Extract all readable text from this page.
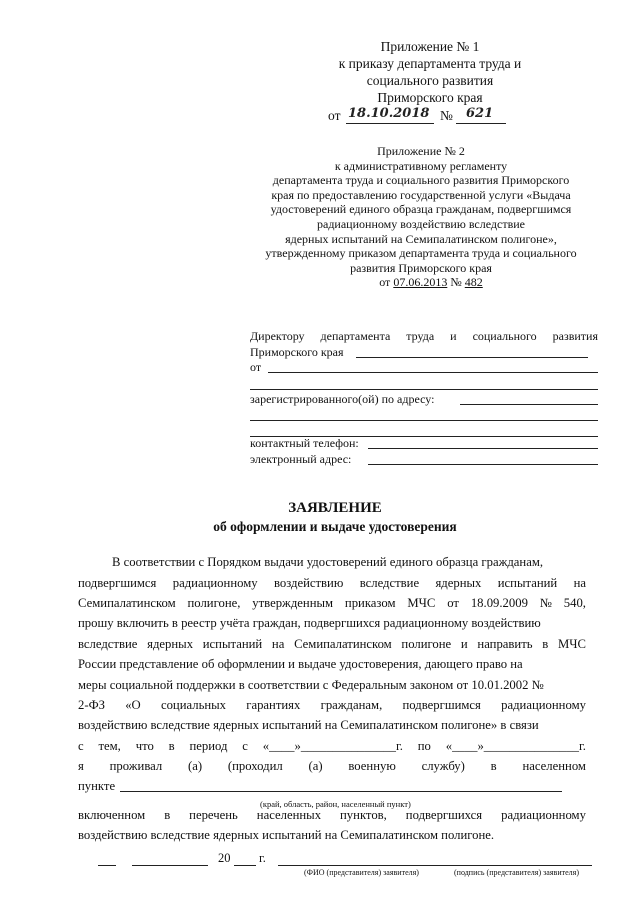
Приложение № 1
к приказу департамента труда и
социального развития
Приморского края
от 18.10.2018 № 621
Приложение № 2
к административному регламенту
департамента труда и социального развития Приморского
края по предоставлению государственной услуги «Выдача
удостоверений единого образца гражданам, подвергшимся
радиационному воздействию вследствие
ядерных испытаний на Семипалатинском полигоне»,
утвержденному приказом департамента труда и социального
развития Приморского края
от 07.06.2013 № 482
Директору департамента труда и социального развития
Приморского края
от
зарегистрированного(ой) по адресу:
контактный телефон:
электронный адрес:
ЗАЯВЛЕНИЕ
об оформлении и выдаче удостоверения
В соответствии с Порядком выдачи удостоверений единого образца гражданам,
подвергшимся радиационному воздействию вследствие ядерных испытаний на
Семипалатинском полигоне, утвержденным приказом МЧС от 18.09.2009 № 540,
прошу включить в реестр учёта граждан, подвергшихся радиационному воздействию
вследствие ядерных испытаний на Семипалатинском полигоне и направить в МЧС
России представление об оформлении и выдаче удостоверения, дающего право на
меры социальной поддержки в соответствии с Федеральным законом от 10.01.2002 №
2-ФЗ «О социальных гарантиях гражданам, подвергшимся радиационному
воздействию вследствие ядерных испытаний на Семипалатинском полигоне» в связи
с тем, что в период с «____»_______________г. по «____»_______________г.
я проживал (а) (проходил (а) военную службу) в населенном
пункте
(край, область, район, населенный пункт)
включенном в перечень населенных пунктов, подвергшихся радиационному
воздействию вследствие ядерных испытаний на Семипалатинском полигоне.
20 г.
(ФИО (представителя) заявителя)	(подпись (представителя) заявителя)
